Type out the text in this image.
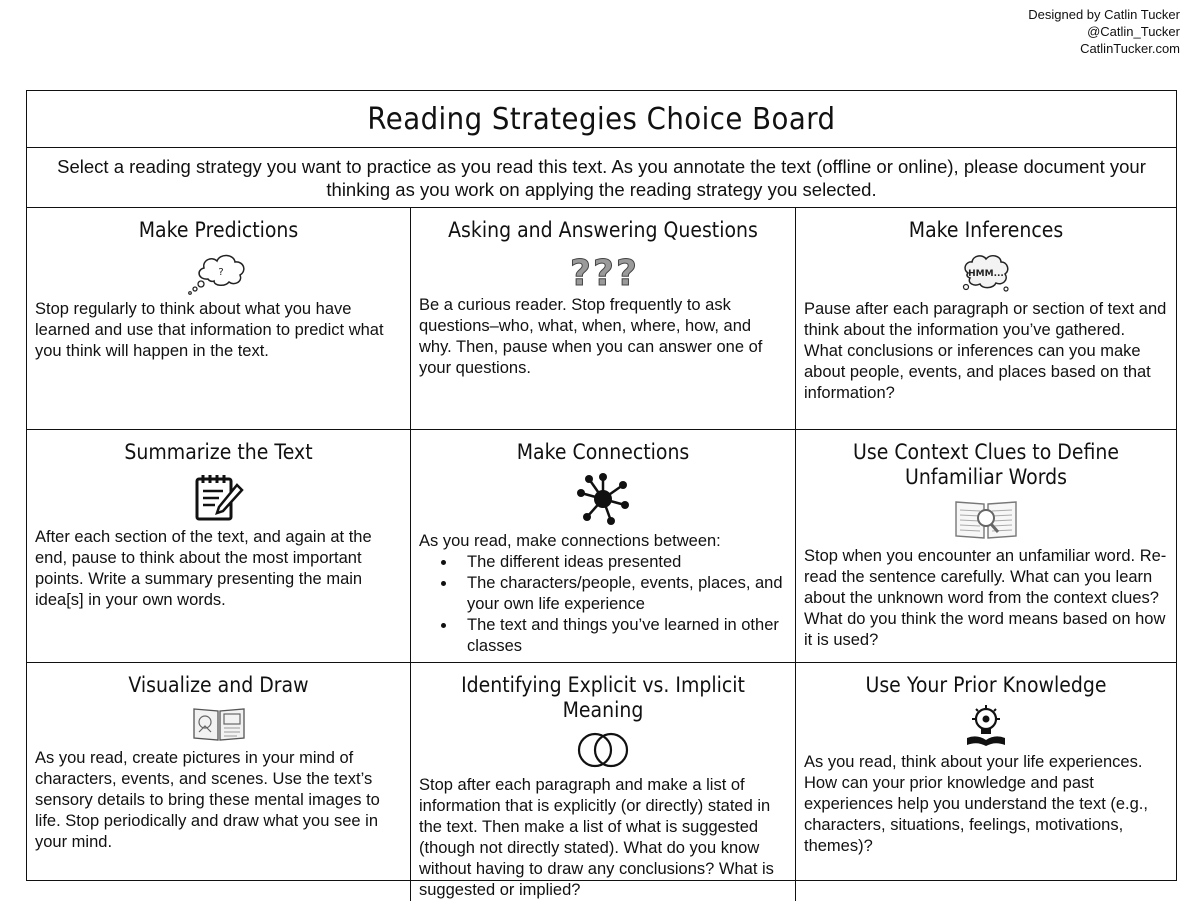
Designed by Catlin Tucker
@Catlin_Tucker
CatlinTucker.com
Reading Strategies Choice Board
Select a reading strategy you want to practice as you read this text. As you annotate the text (offline or online), please document your thinking as you work on applying the reading strategy you selected.
Make Predictions
?
Stop regularly to think about what you have learned and use that information to predict what you think will happen in the text.
Asking and Answering Questions
? ? ?
Be a curious reader. Stop frequently to ask questions–who, what, when, where, how, and why. Then, pause when you can answer one of your questions.
Make Inferences
HMM...
Pause after each paragraph or section of text and think about the information you’ve gathered. What conclusions or inferences can you make about people, events, and places based on that information?
Summarize the Text
After each section of the text, and again at the end, pause to think about the most important points. Write a summary presenting the main idea[s] in your own words.
Make Connections
As you read, make connections between:
• The different ideas presented
• The characters/people, events, places, and your own life experience
• The text and things you’ve learned in other classes
Use Context Clues to Define Unfamiliar Words
Stop when you encounter an unfamiliar word. Re-read the sentence carefully. What can you learn about the unknown word from the context clues? What do you think the word means based on how it is used?
Visualize and Draw
As you read, create pictures in your mind of characters, events, and scenes. Use the text’s sensory details to bring these mental images to life. Stop periodically and draw what you see in your mind.
Identifying Explicit vs. Implicit Meaning
Stop after each paragraph and make a list of information that is explicitly (or directly) stated in the text. Then make a list of what is suggested (though not directly stated). What do you know without having to draw any conclusions? What is suggested or implied?
Use Your Prior Knowledge
As you read, think about your life experiences. How can your prior knowledge and past experiences help you understand the text (e.g., characters, situations, feelings, motivations, themes)?
